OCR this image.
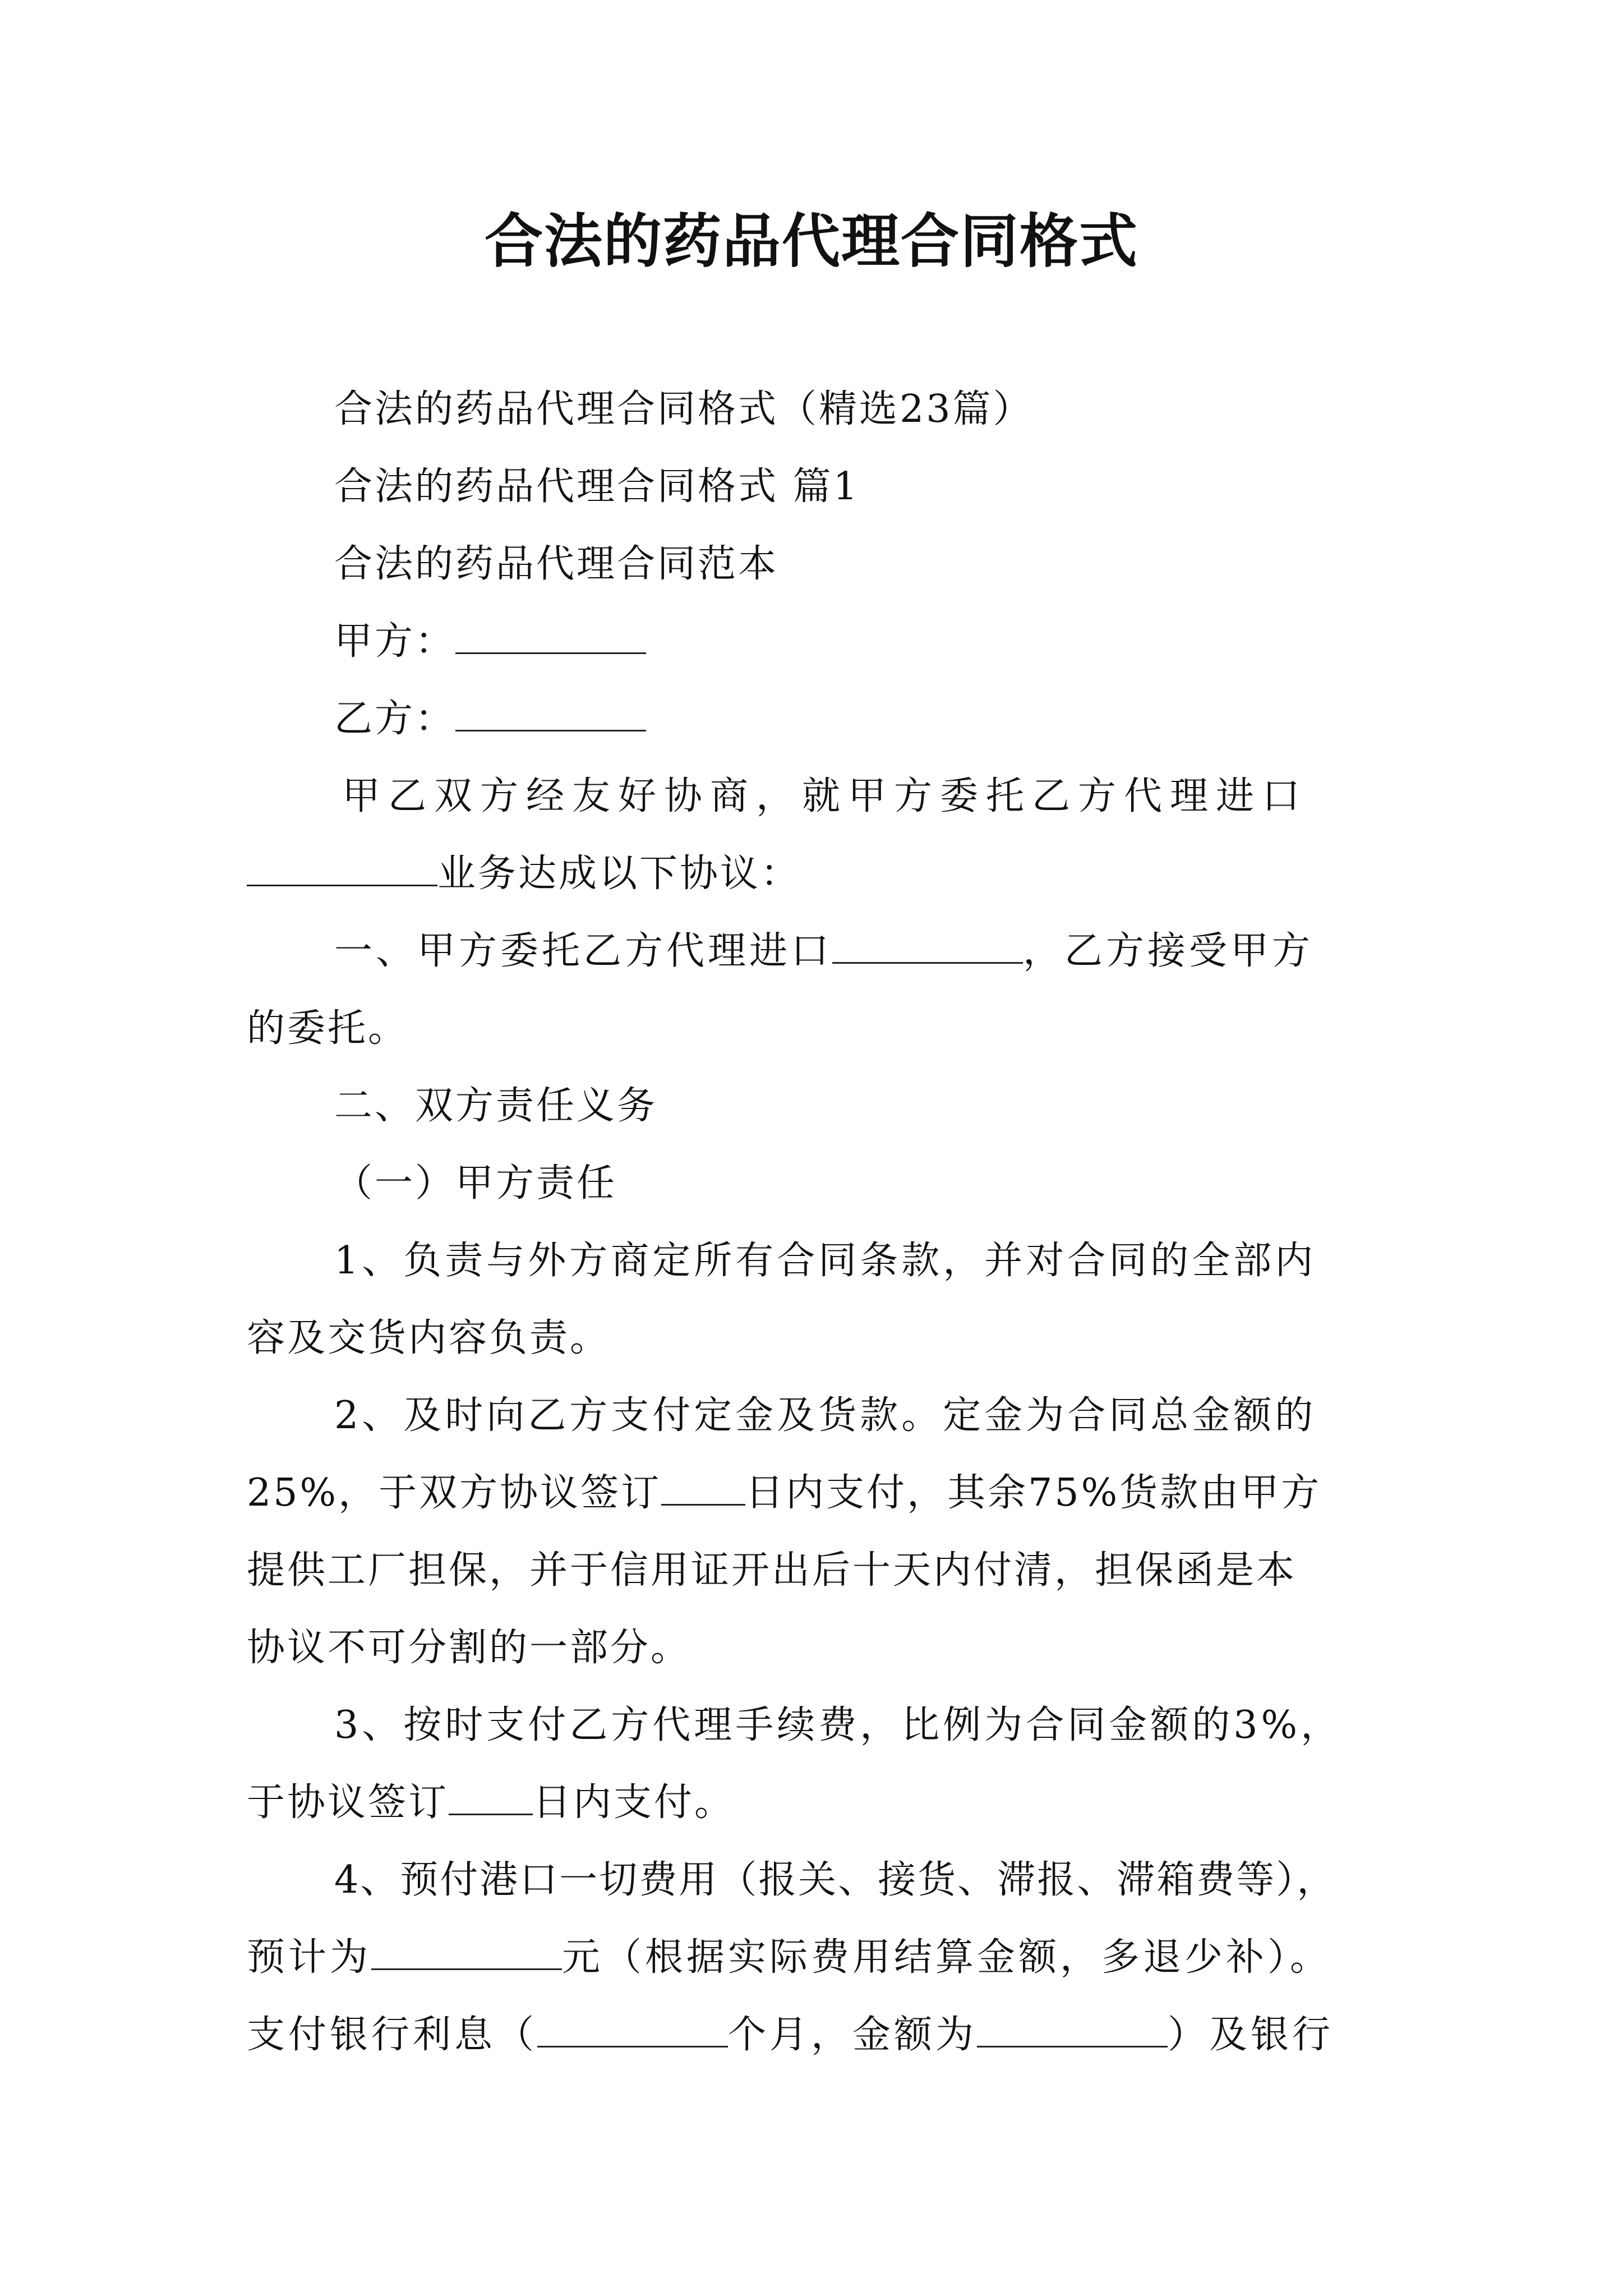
合法的药品代理合同格式
合法的药品代理合同格式（精选23篇）
合法的药品代理合同格式 篇1
合法的药品代理合同范本
甲方：
乙方：
甲乙双方经友好协商，就甲方委托乙方代理进口
业务达成以下协议：
一、甲方委托乙方代理进口	，乙方接受甲方
的委托。
二、双方责任义务
（一）甲方责任
1、负责与外方商定所有合同条款，并对合同的全部内
容及交货内容负责。
2、及时向乙方支付定金及货款。定金为合同总金额的
25%，于双方协议签订 日内支付，其余75%货款由甲方
提供工厂担保，并于信用证开出后十天内付清，担保函是本
协议不可分割的一部分。
3、按时支付乙方代理手续费，比例为合同金额的3%，
于协议签订 日内支付。
4、预付港口一切费用（报关、接货、滞报、滞箱费等），
预计为	元（根据实际费用结算金额，多退少补）。
支付银行利息（	个月，金额为	）及银行
